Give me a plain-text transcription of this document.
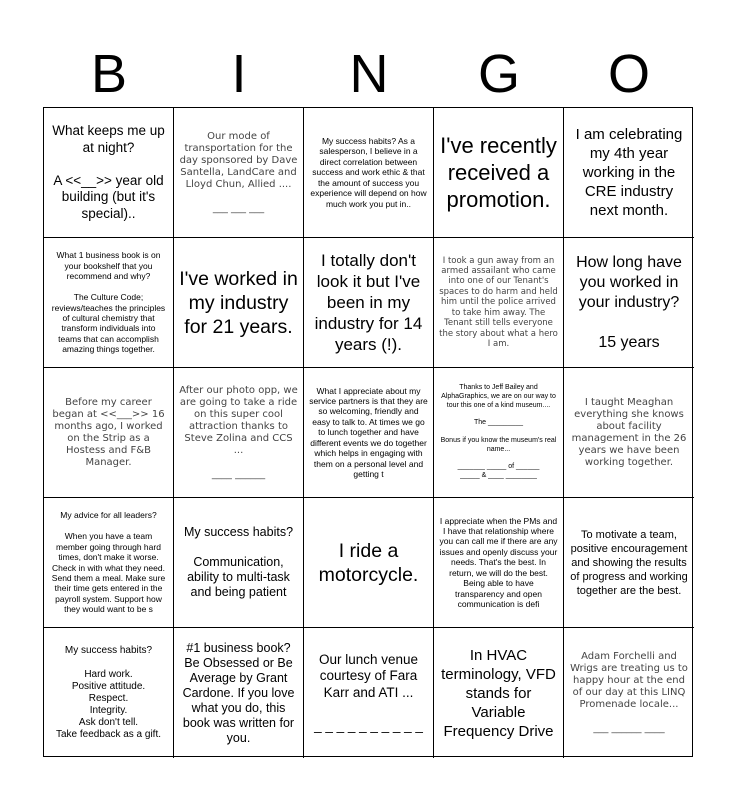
B	I	N	G	O
What keeps me up at night?

A <<__>> year old building (but it's special)..
Our mode of transportation for the day sponsored by Dave Santella, LandCare and Lloyd Chun, Allied ....

___ ___ ___
My success habits? As a salesperson, I believe in a direct correlation between success and work ethic & that the amount of success you experience will depend on how much work you put in..
I've recently received a promotion.
I am celebrating my 4th year working in the CRE industry next month.
What 1 business book is on your bookshelf that you recommend and why?

The Culture Code; reviews/teaches the principles of cultural chemistry that transform individuals into teams that can accomplish amazing things together.
I've worked in my industry for 21 years.
I totally don't look it but I've been in my industry for 14 years (!).
I took a gun away from an armed assailant who came into one of our Tenant's spaces to do harm and held him until the police arrived to take him away. The Tenant still tells everyone the story about what a hero I am.
How long have you worked in your industry?

15 years
Before my career began at <<___>> 16 months ago, I worked on the Strip as a Hostess and F&B Manager.
After our photo opp, we are going to take a ride on this super cool attraction thanks to Steve Zolina and CCS ...

____ ______
What I appreciate about my service partners is that they are so welcoming, friendly and easy to talk to. At times we go to lunch together and have different events we do together which helps in engaging with them on a personal level and getting t
Thanks to Jeff Bailey and AlphaGraphics, we are on our way to tour this one of a kind museum....

The _________

Bonus if you know the museum's real name...

_______ _____ of ______
_____ & ____ ________
I taught Meaghan everything she knows about facility management in the 26 years we have been working together.
My advice for all leaders?

When you have a team member going through hard times, don't make it worse. Check in with what they need. Send them a meal. Make sure their time gets entered in the payroll system. Support how they would want to be s
My success habits?

Communication, ability to multi-task and being patient
I ride a motorcycle.
I appreciate when the PMs and I have that relationship where you can call me if there are any issues and openly discuss your needs. That's the best. In return, we will do the best. Being able to have transparency and open communication is defi
To motivate a team, positive encouragement and showing the results of progress and working together are the best.
My success habits?

Hard work.
Positive attitude.
Respect.
Integrity.
Ask don't tell.
Take feedback as a gift.
#1 business book? Be Obsessed or Be Average by Grant Cardone. If you love what you do, this book was written for you.
Our lunch venue courtesy of Fara Karr and ATI ...

_ _ _ _ _ _ _ _ _ _
In HVAC terminology, VFD stands for Variable Frequency Drive
Adam Forchelli and Wrigs are treating us to happy hour at the end of our day at this LINQ Promenade locale...

___ ______ ____
